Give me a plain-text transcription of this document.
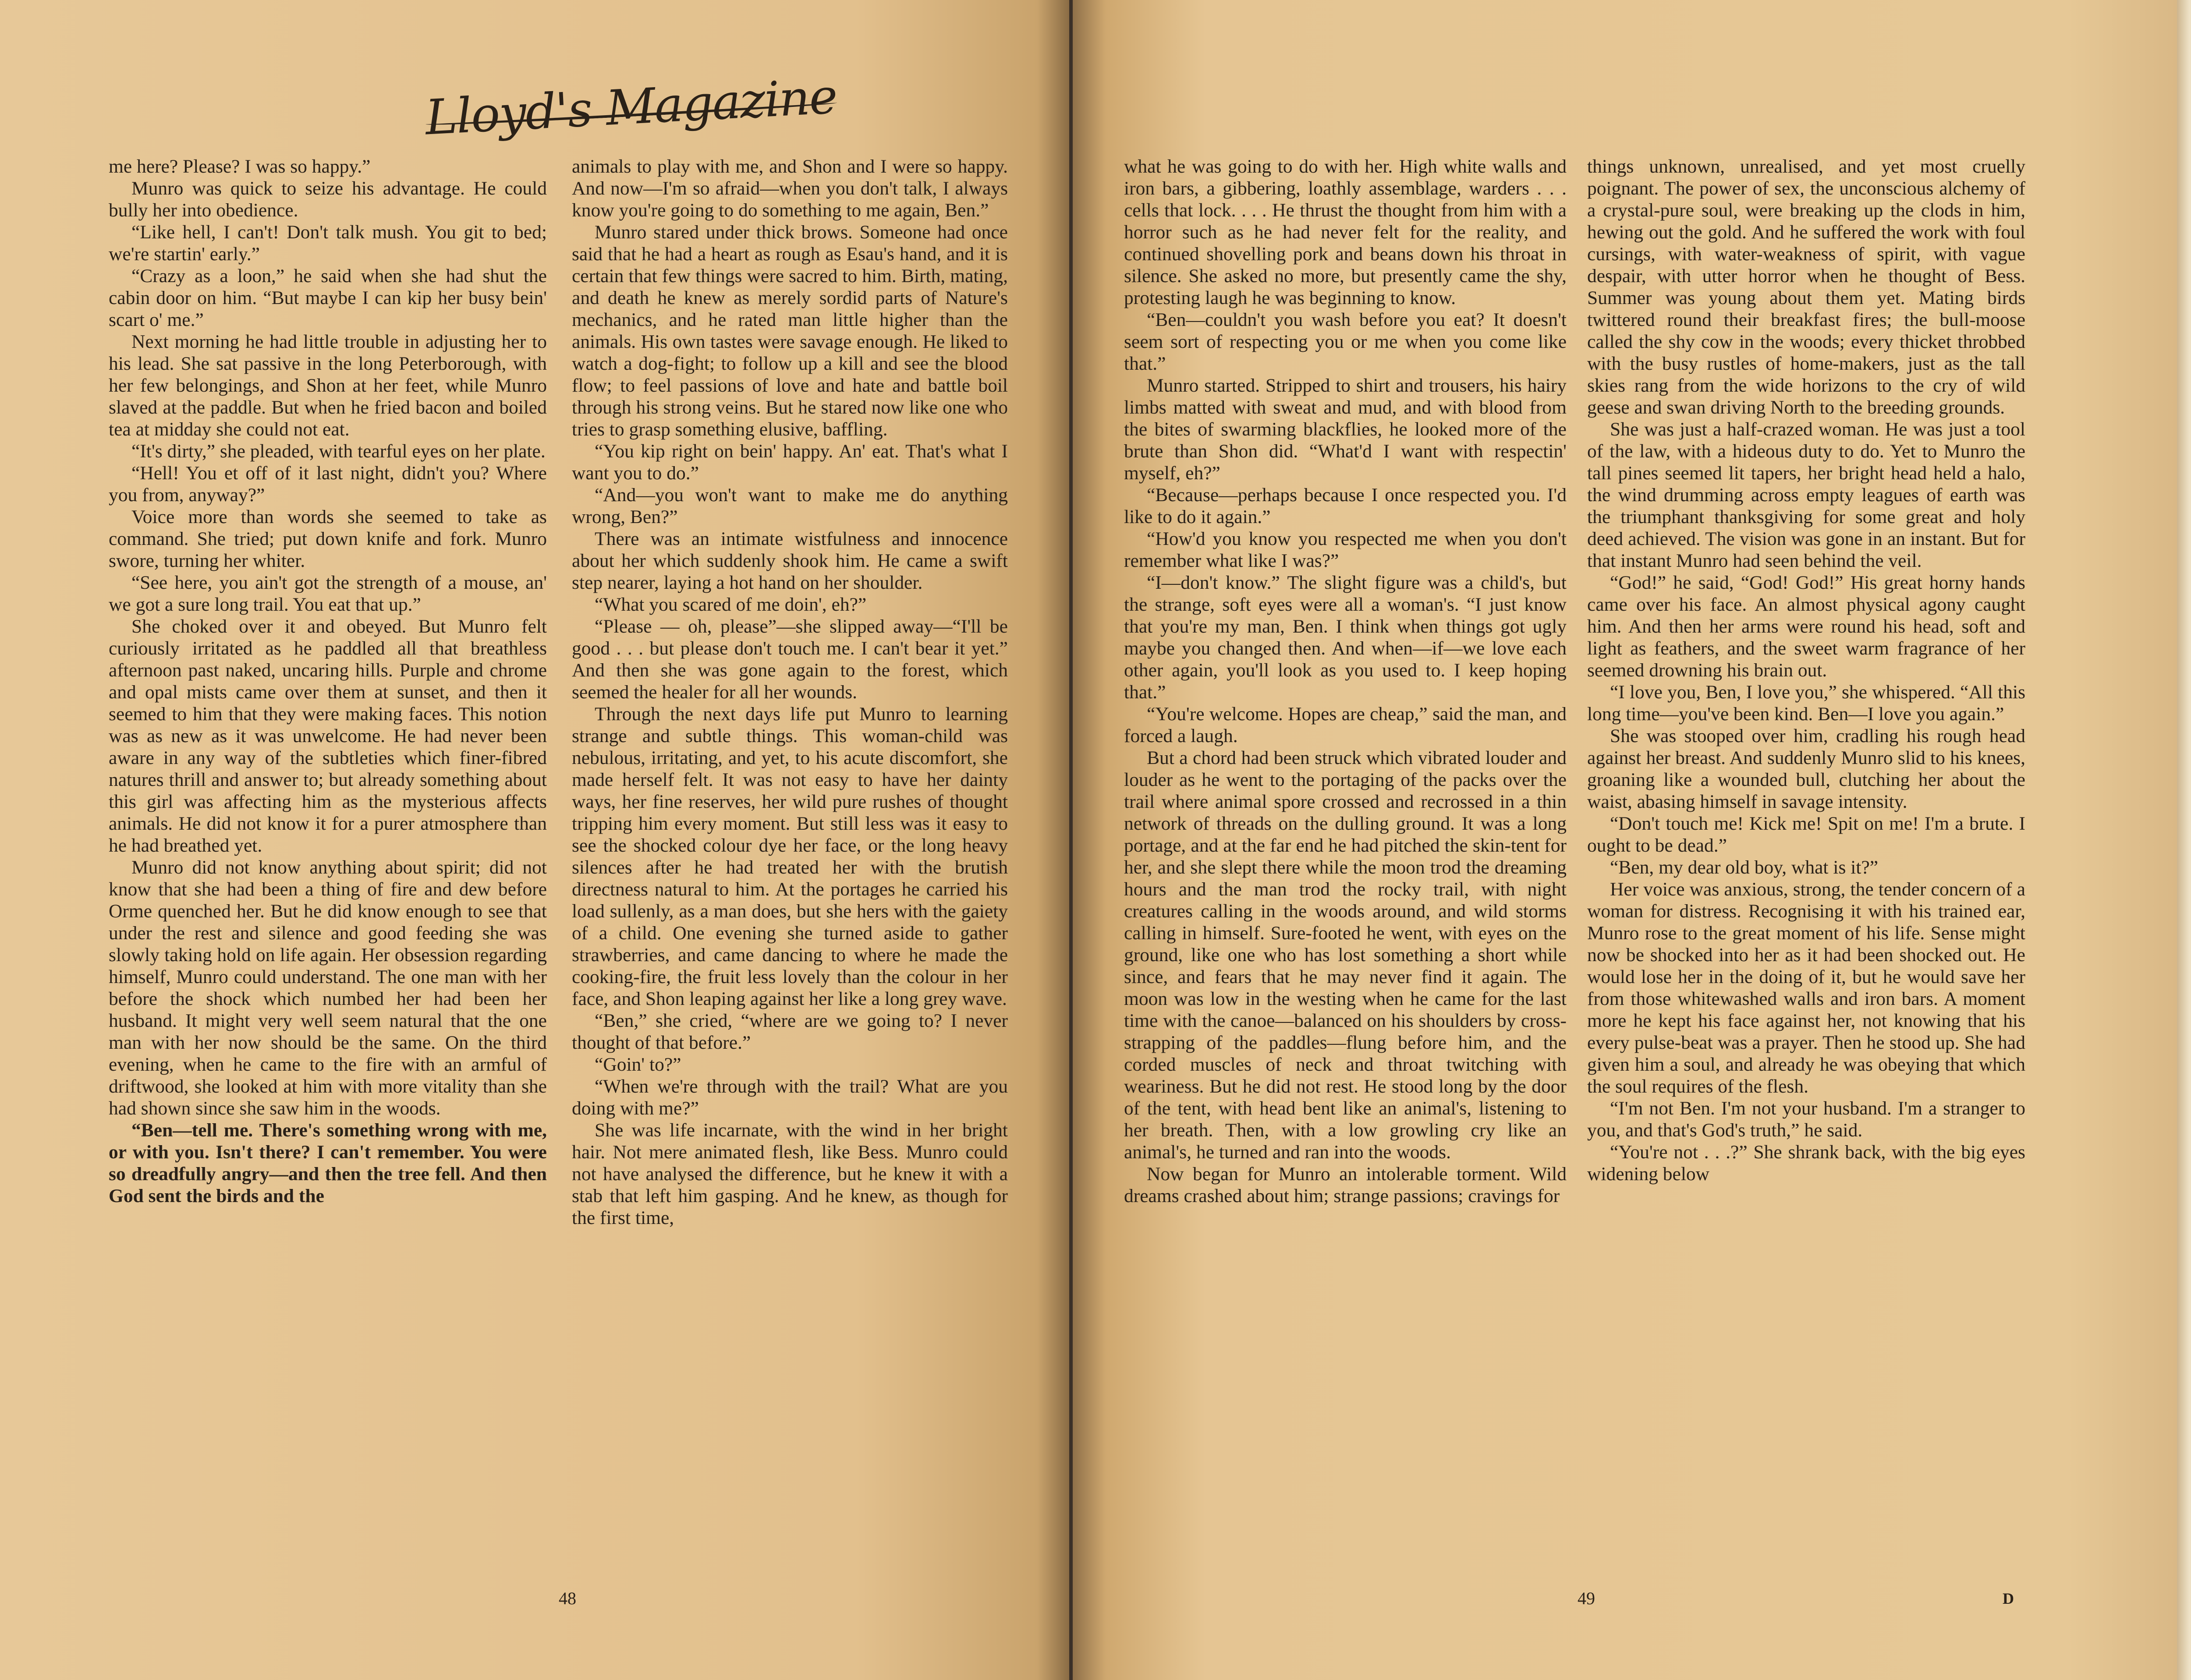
Lloyd's Magazine

me here? Please? I was so happy.”

Munro was quick to seize his advantage. He could bully her into obedience.

“Like hell, I can't! Don't talk mush. You git to bed; we're startin' early.”

“Crazy as a loon,” he said when she had shut the cabin door on him. “But maybe I can kip her busy bein' scart o' me.”

Next morning he had little trouble in adjusting her to his lead. She sat passive in the long Peterborough, with her few belongings, and Shon at her feet, while Munro slaved at the paddle. But when he fried bacon and boiled tea at midday she could not eat.

“It's dirty,” she pleaded, with tearful eyes on her plate.

“Hell! You et off of it last night, didn't you? Where you from, anyway?”

Voice more than words she seemed to take as command. She tried; put down knife and fork. Munro swore, turning her whiter.

“See here, you ain't got the strength of a mouse, an' we got a sure long trail. You eat that up.”

She choked over it and obeyed. But Munro felt curiously irritated as he paddled all that breathless afternoon past naked, uncaring hills. Purple and chrome and opal mists came over them at sunset, and then it seemed to him that they were making faces. This notion was as new as it was unwelcome. He had never been aware in any way of the subtleties which finer-fibred natures thrill and answer to; but already something about this girl was affecting him as the mysterious affects animals. He did not know it for a purer atmosphere than he had breathed yet.

Munro did not know anything about spirit; did not know that she had been a thing of fire and dew before Orme quenched her. But he did know enough to see that under the rest and silence and good feeding she was slowly taking hold on life again. Her obsession regarding himself, Munro could understand. The one man with her before the shock which numbed her had been her husband. It might very well seem natural that the one man with her now should be the same. On the third evening, when he came to the fire with an armful of driftwood, she looked at him with more vitality than she had shown since she saw him in the woods.

“Ben—tell me. There's something wrong with me, or with you. Isn't there? I can't remember. You were so dreadfully angry—and then the tree fell. And then God sent the birds and the

animals to play with me, and Shon and I were so happy. And now—I'm so afraid—when you don't talk, I always know you're going to do something to me again, Ben.”

Munro stared under thick brows. Someone had once said that he had a heart as rough as Esau's hand, and it is certain that few things were sacred to him. Birth, mating, and death he knew as merely sordid parts of Nature's mechanics, and he rated man little higher than the animals. His own tastes were savage enough. He liked to watch a dog-fight; to follow up a kill and see the blood flow; to feel passions of love and hate and battle boil through his strong veins. But he stared now like one who tries to grasp something elusive, baffling.

“You kip right on bein' happy. An' eat. That's what I want you to do.”

“And—you won't want to make me do anything wrong, Ben?”

There was an intimate wistfulness and innocence about her which suddenly shook him. He came a swift step nearer, laying a hot hand on her shoulder.

“What you scared of me doin', eh?”

“Please — oh, please”—she slipped away—“I'll be good . . . but please don't touch me. I can't bear it yet.” And then she was gone again to the forest, which seemed the healer for all her wounds.

Through the next days life put Munro to learning strange and subtle things. This woman-child was nebulous, irritating, and yet, to his acute discomfort, she made herself felt. It was not easy to have her dainty ways, her fine reserves, her wild pure rushes of thought tripping him every moment. But still less was it easy to see the shocked colour dye her face, or the long heavy silences after he had treated her with the brutish directness natural to him. At the portages he carried his load sullenly, as a man does, but she hers with the gaiety of a child. One evening she turned aside to gather strawberries, and came dancing to where he made the cooking-fire, the fruit less lovely than the colour in her face, and Shon leaping against her like a long grey wave.

“Ben,” she cried, “where are we going to? I never thought of that before.”

“Goin' to?”

“When we're through with the trail? What are you doing with me?”

She was life incarnate, with the wind in her bright hair. Not mere animated flesh, like Bess. Munro could not have analysed the difference, but he knew it with a stab that left him gasping. And he knew, as though for the first time,

what he was going to do with her. High white walls and iron bars, a gibbering, loathly assemblage, warders . . . cells that lock. . . . He thrust the thought from him with a horror such as he had never felt for the reality, and continued shovelling pork and beans down his throat in silence. She asked no more, but presently came the shy, protesting laugh he was beginning to know.

“Ben—couldn't you wash before you eat? It doesn't seem sort of respecting you or me when you come like that.”

Munro started. Stripped to shirt and trousers, his hairy limbs matted with sweat and mud, and with blood from the bites of swarming blackflies, he looked more of the brute than Shon did. “What'd I want with respectin' myself, eh?”

“Because—perhaps because I once respected you. I'd like to do it again.”

“How'd you know you respected me when you don't remember what like I was?”

“I—don't know.” The slight figure was a child's, but the strange, soft eyes were all a woman's. “I just know that you're my man, Ben. I think when things got ugly maybe you changed then. And when—if—we love each other again, you'll look as you used to. I keep hoping that.”

“You're welcome. Hopes are cheap,” said the man, and forced a laugh.

But a chord had been struck which vibrated louder and louder as he went to the portaging of the packs over the trail where animal spore crossed and recrossed in a thin network of threads on the dulling ground. It was a long portage, and at the far end he had pitched the skin-tent for her, and she slept there while the moon trod the dreaming hours and the man trod the rocky trail, with night creatures calling in the woods around, and wild storms calling in himself. Sure-footed he went, with eyes on the ground, like one who has lost something a short while since, and fears that he may never find it again. The moon was low in the westing when he came for the last time with the canoe—balanced on his shoulders by cross-strapping of the paddles—flung before him, and the corded muscles of neck and throat twitching with weariness. But he did not rest. He stood long by the door of the tent, with head bent like an animal's, listening to her breath. Then, with a low growling cry like an animal's, he turned and ran into the woods.

Now began for Munro an intolerable torment. Wild dreams crashed about him; strange passions; cravings for

things unknown, unrealised, and yet most cruelly poignant. The power of sex, the unconscious alchemy of a crystal-pure soul, were breaking up the clods in him, hewing out the gold. And he suffered the work with foul cursings, with water-weakness of spirit, with vague despair, with utter horror when he thought of Bess. Summer was young about them yet. Mating birds twittered round their breakfast fires; the bull-moose called the shy cow in the woods; every thicket throbbed with the busy rustles of home-makers, just as the tall skies rang from the wide horizons to the cry of wild geese and swan driving North to the breeding grounds.

She was just a half-crazed woman. He was just a tool of the law, with a hideous duty to do. Yet to Munro the tall pines seemed lit tapers, her bright head held a halo, the wind drumming across empty leagues of earth was the triumphant thanksgiving for some great and holy deed achieved. The vision was gone in an instant. But for that instant Munro had seen behind the veil.

“God!” he said, “God! God!” His great horny hands came over his face. An almost physical agony caught him. And then her arms were round his head, soft and light as feathers, and the sweet warm fragrance of her seemed drowning his brain out.

“I love you, Ben, I love you,” she whispered. “All this long time—you've been kind. Ben—I love you again.”

She was stooped over him, cradling his rough head against her breast. And suddenly Munro slid to his knees, groaning like a wounded bull, clutching her about the waist, abasing himself in savage intensity.

“Don't touch me! Kick me! Spit on me! I'm a brute. I ought to be dead.”

“Ben, my dear old boy, what is it?”

Her voice was anxious, strong, the tender concern of a woman for distress. Recognising it with his trained ear, Munro rose to the great moment of his life. Sense might now be shocked into her as it had been shocked out. He would lose her in the doing of it, but he would save her from those whitewashed walls and iron bars. A moment more he kept his face against her, not knowing that his every pulse-beat was a prayer. Then he stood up. She had given him a soul, and already he was obeying that which the soul requires of the flesh.

“I'm not Ben. I'm not your husband. I'm a stranger to you, and that's God's truth,” he said.

“You're not . . .?” She shrank back, with the big eyes widening below

48	49	D
